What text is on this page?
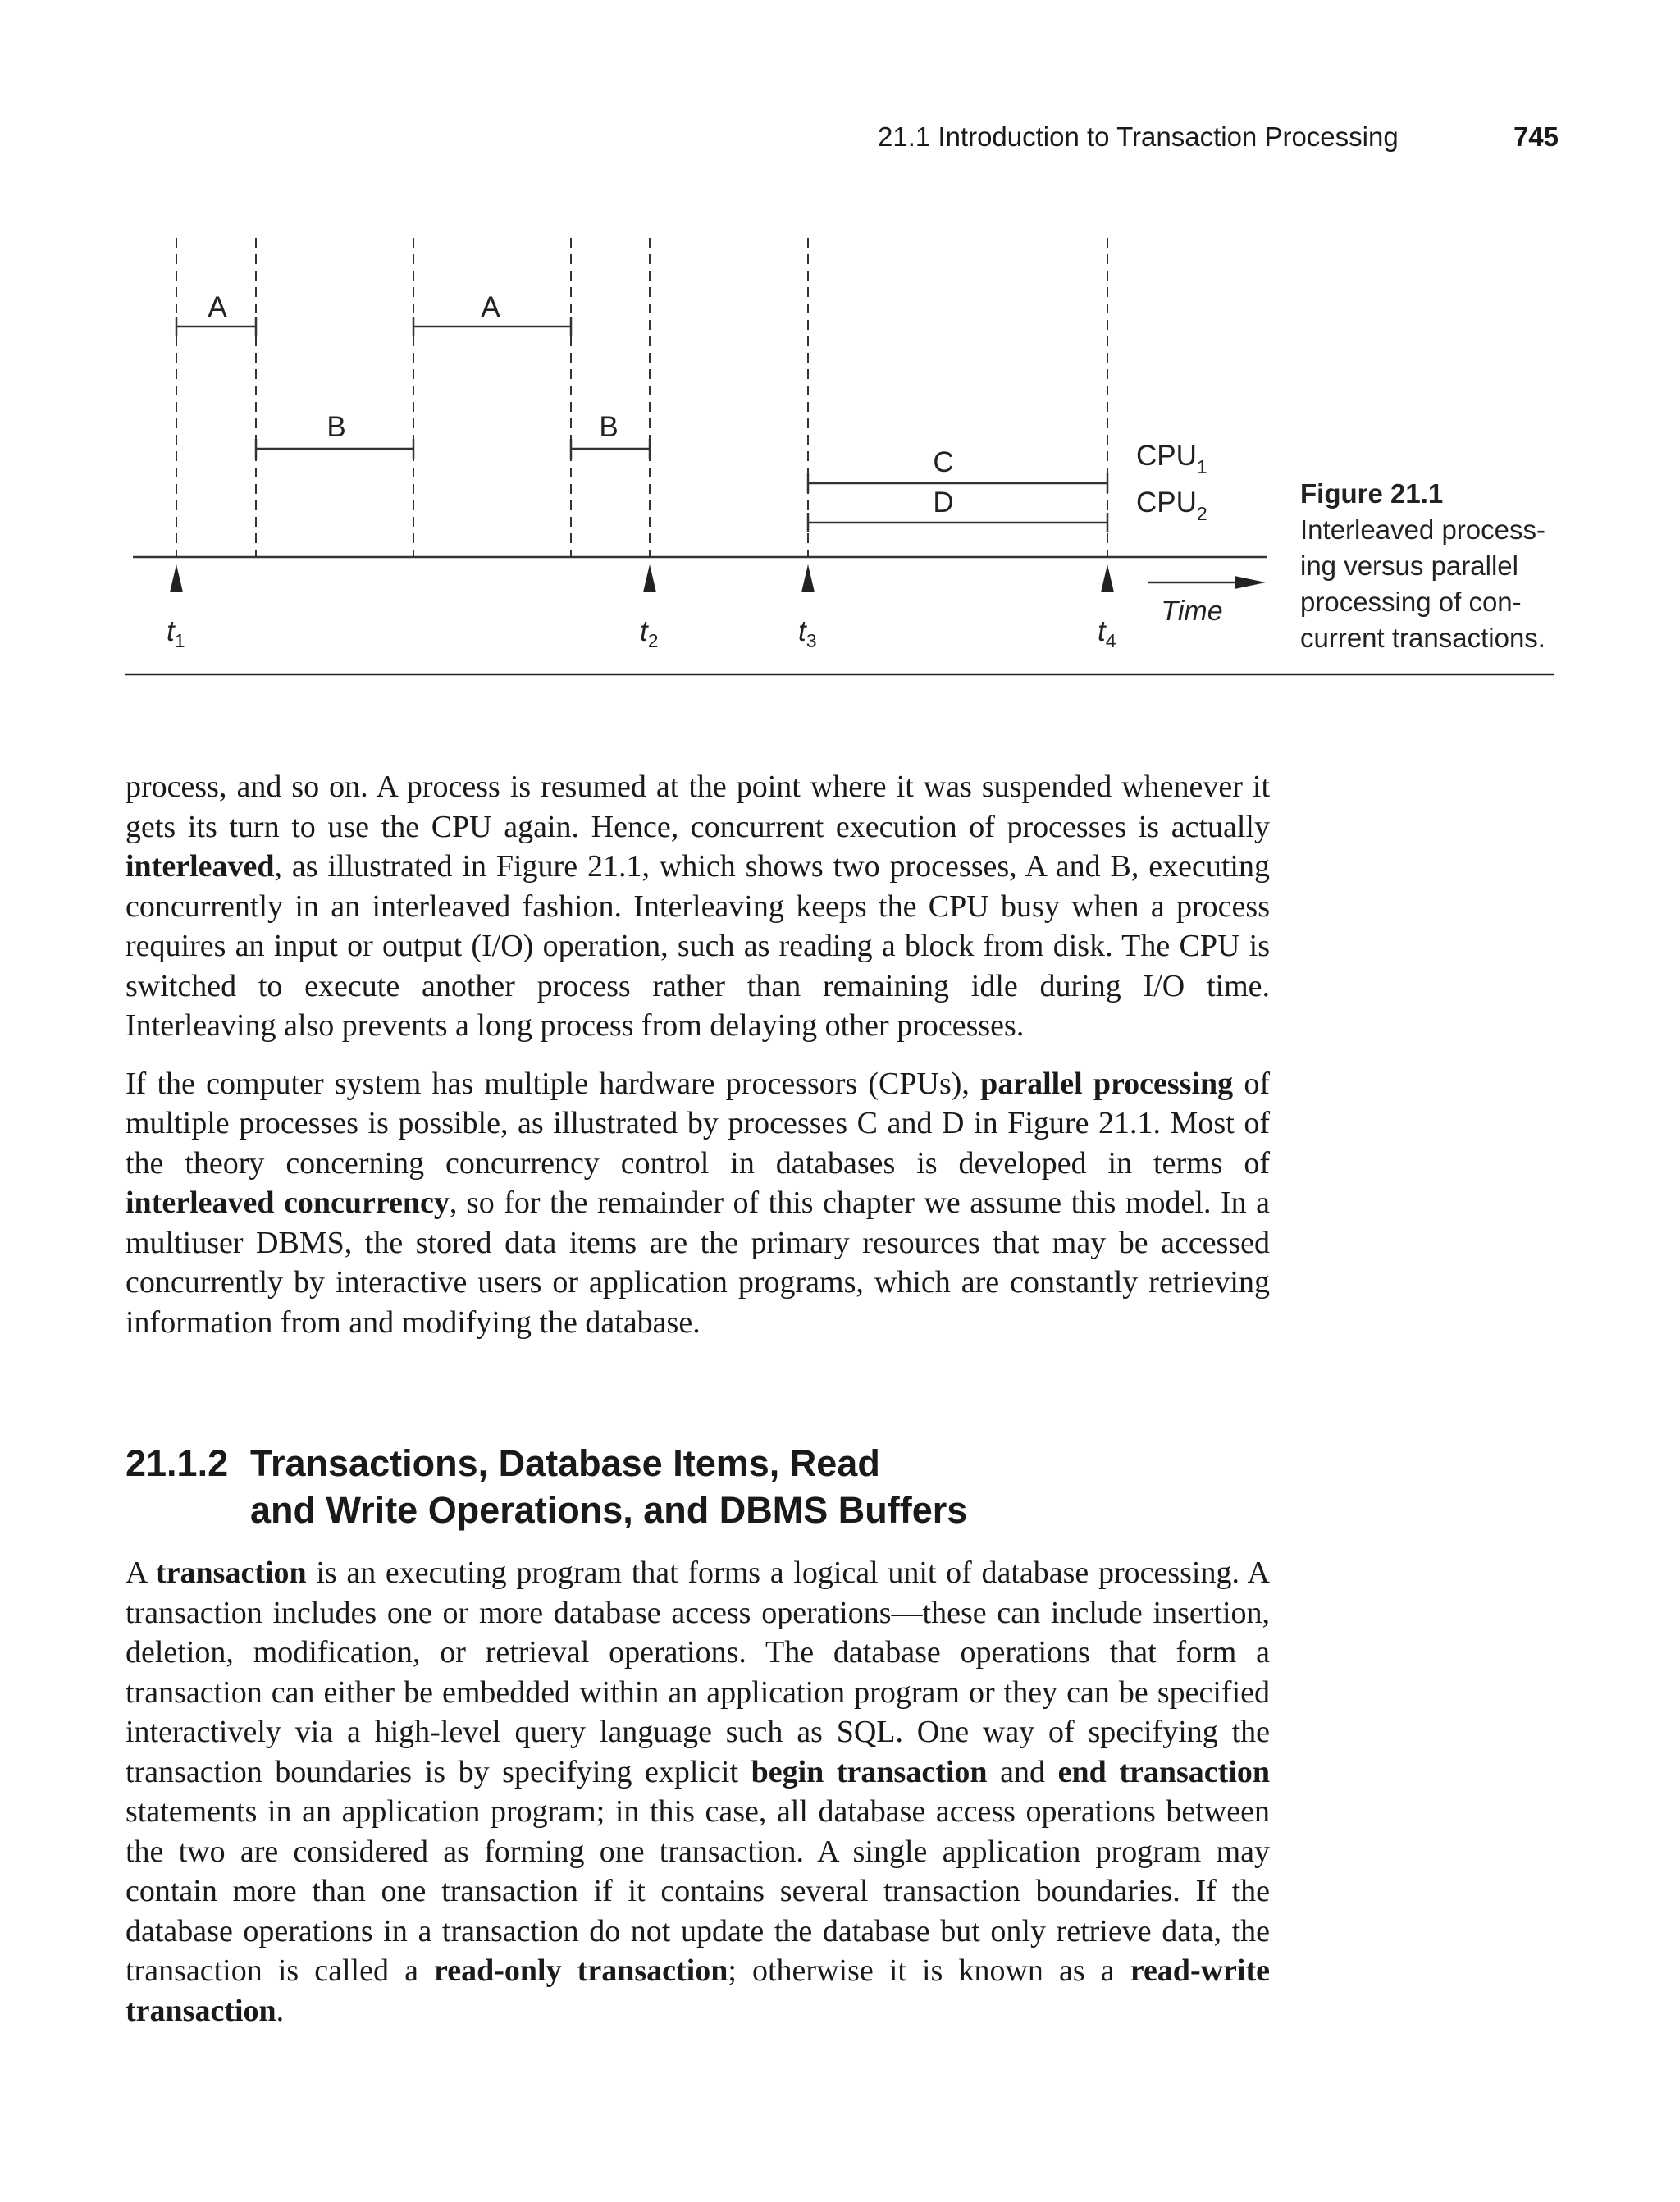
21.1 Introduction to Transaction Processing	745
A	A
B	B
C
D
$CPU_1$
$CPU_2$
$t_1$	$t_2$	$t_3$	$t_4$
Time
Figure 21.1
Interleaved process-
ing versus parallel
processing of con-
current transactions.

process, and so on. A process is resumed at the point where it was suspended whenever it gets its turn to use the CPU again. Hence, concurrent execution of processes is actually interleaved, as illustrated in Figure 21.1, which shows two processes, A and B, executing concurrently in an interleaved fashion. Interleaving keeps the CPU busy when a process requires an input or output (I/O) operation, such as reading a block from disk. The CPU is switched to execute another process rather than remaining idle during I/O time. Interleaving also prevents a long process from delaying other processes.

If the computer system has multiple hardware processors (CPUs), parallel processing of multiple processes is possible, as illustrated by processes C and D in Figure 21.1. Most of the theory concerning concurrency control in databases is developed in terms of interleaved concurrency, so for the remainder of this chapter we assume this model. In a multiuser DBMS, the stored data items are the primary resources that may be accessed concurrently by interactive users or application programs, which are constantly retrieving information from and modifying the database.

21.1.2 Transactions, Database Items, Read
and Write Operations, and DBMS Buffers

A transaction is an executing program that forms a logical unit of database processing. A transaction includes one or more database access operations—these can include insertion, deletion, modification, or retrieval operations. The database operations that form a transaction can either be embedded within an application program or they can be specified interactively via a high-level query language such as SQL. One way of specifying the transaction boundaries is by specifying explicit begin transaction and end transaction statements in an application program; in this case, all database access operations between the two are considered as forming one transaction. A single application program may contain more than one transaction if it contains several transaction boundaries. If the database operations in a transaction do not update the database but only retrieve data, the transaction is called a read-only transaction; otherwise it is known as a read-write transaction.
